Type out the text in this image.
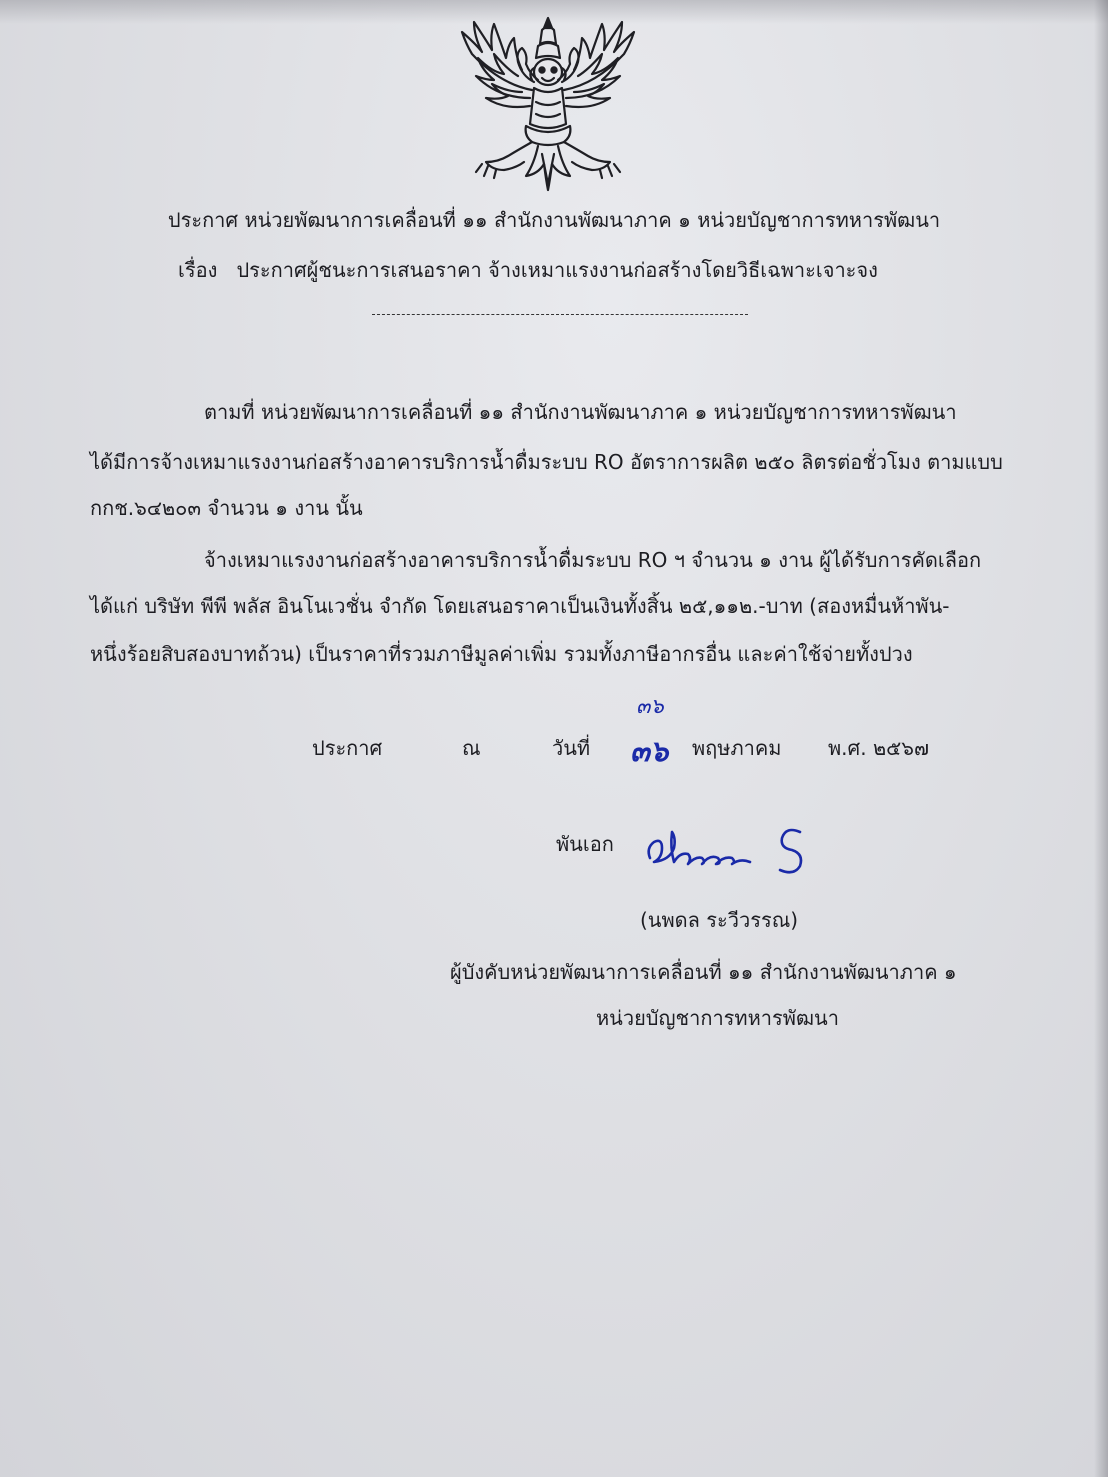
ประกาศ หน่วยพัฒนาการเคลื่อนที่ ๑๑ สำนักงานพัฒนาภาค ๑ หน่วยบัญชาการทหารพัฒนา
เรื่อง ประกาศผู้ชนะการเสนอราคา จ้างเหมาแรงงานก่อสร้างโดยวิธีเฉพาะเจาะจง
ตามที่ หน่วยพัฒนาการเคลื่อนที่ ๑๑ สำนักงานพัฒนาภาค ๑ หน่วยบัญชาการทหารพัฒนา
ได้มีการจ้างเหมาแรงงานก่อสร้างอาคารบริการน้ำดื่มระบบ RO อัตราการผลิต ๒๕๐ ลิตรต่อชั่วโมง ตามแบบ
กกช.๖๔๒๐๓ จำนวน ๑ งาน นั้น
จ้างเหมาแรงงานก่อสร้างอาคารบริการน้ำดื่มระบบ RO ฯ จำนวน ๑ งาน ผู้ได้รับการคัดเลือก
ได้แก่ บริษัท พีพี พลัส อินโนเวชั่น จำกัด โดยเสนอราคาเป็นเงินทั้งสิ้น ๒๕,๑๑๒.-บาท (สองหมื่นห้าพัน-
หนึ่งร้อยสิบสองบาทถ้วน) เป็นราคาที่รวมภาษีมูลค่าเพิ่ม รวมทั้งภาษีอากรอื่น และค่าใช้จ่ายทั้งปวง
ประกาศ	ณ	วันที่
๓๖
๓๖ พฤษภาคม พ.ศ. ๒๕๖๗
พันเอก
(นพดล ระวีวรรณ)
ผู้บังคับหน่วยพัฒนาการเคลื่อนที่ ๑๑ สำนักงานพัฒนาภาค ๑
หน่วยบัญชาการทหารพัฒนา
